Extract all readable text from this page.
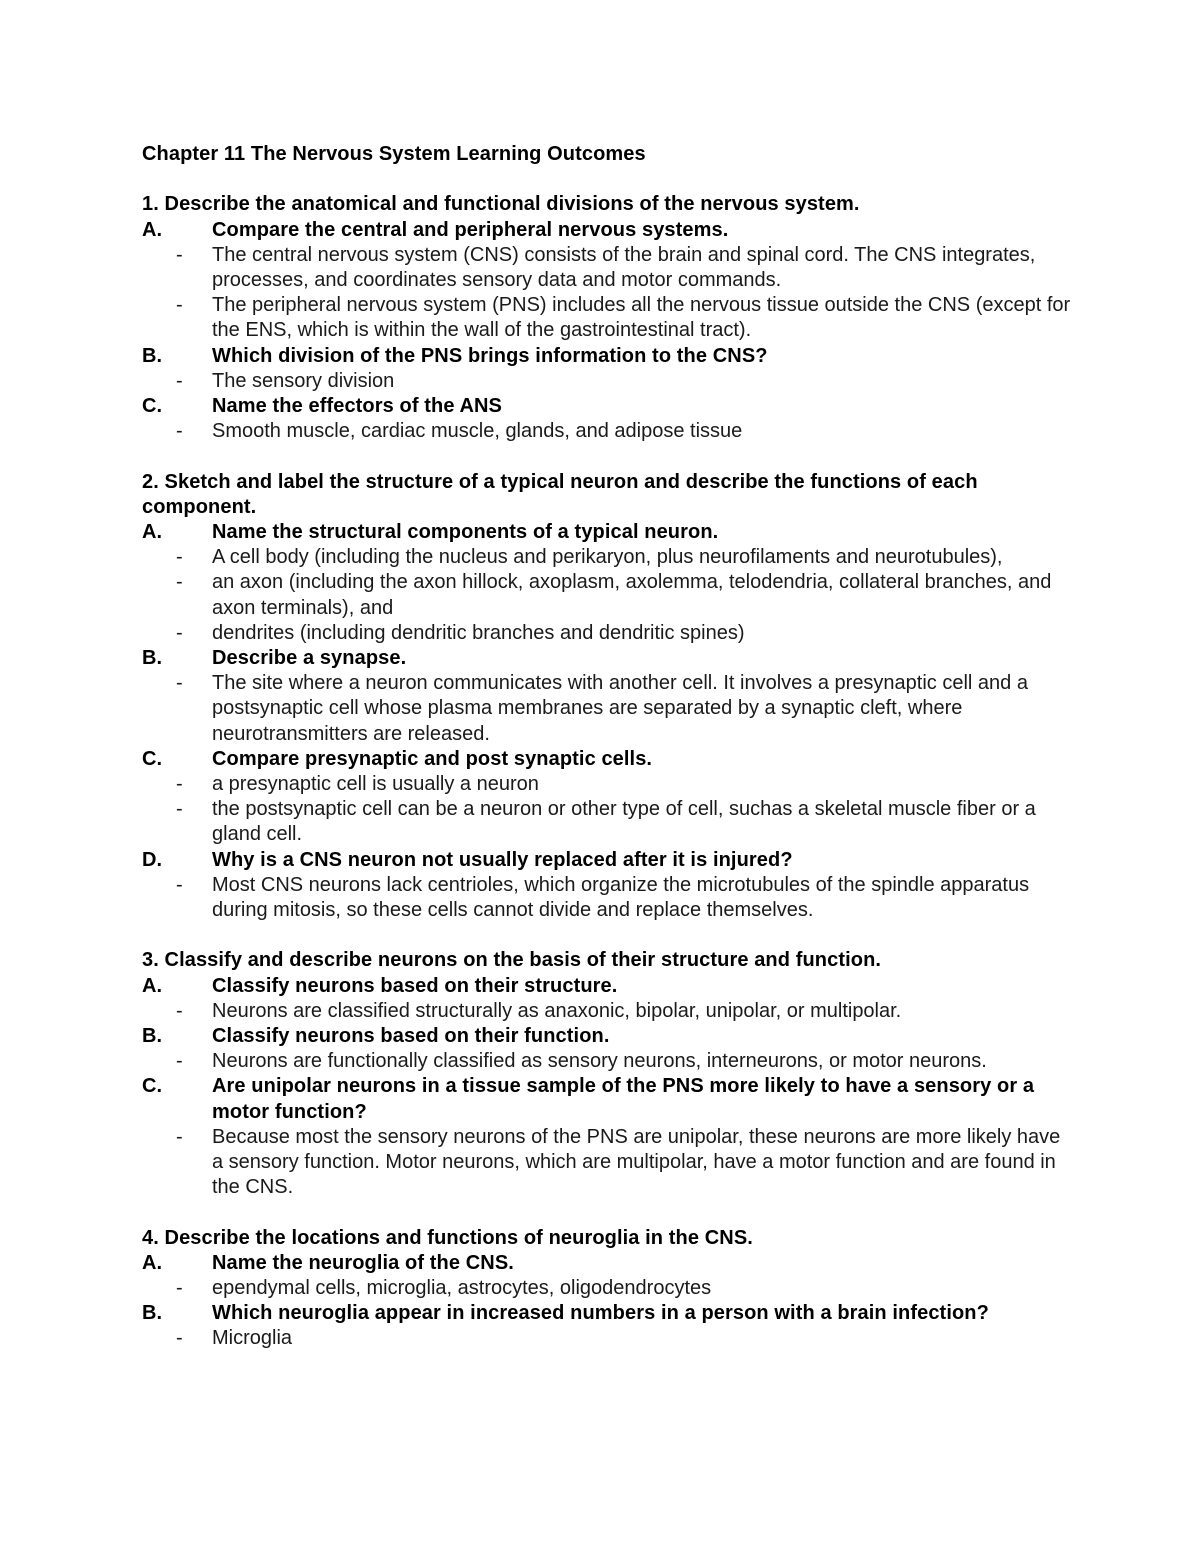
Chapter 11 The Nervous System Learning Outcomes
1. Describe the anatomical and functional divisions of the nervous system.
A.	Compare the central and peripheral nervous systems.
-	The central nervous system (CNS) consists of the brain and spinal cord. The CNS integrates, processes, and coordinates sensory data and motor commands.
-	The peripheral nervous system (PNS) includes all the nervous tissue outside the CNS (except for the ENS, which is within the wall of the gastrointestinal tract).
B.	Which division of the PNS brings information to the CNS?
-	The sensory division
C.	Name the effectors of the ANS
-	Smooth muscle, cardiac muscle, glands, and adipose tissue
2. Sketch and label the structure of a typical neuron and describe the functions of each component.
A.	Name the structural components of a typical neuron.
-	A cell body (including the nucleus and perikaryon, plus neurofilaments and neurotubules),
-	an axon (including the axon hillock, axoplasm, axolemma, telodendria, collateral branches, and axon terminals), and
-	dendrites (including dendritic branches and dendritic spines)
B.	Describe a synapse.
-	The site where a neuron communicates with another cell. It involves a presynaptic cell and a postsynaptic cell whose plasma membranes are separated by a synaptic cleft, where neurotransmitters are released.
C.	Compare presynaptic and post synaptic cells.
-	a presynaptic cell is usually a neuron
-	the postsynaptic cell can be a neuron or other type of cell, suchas a skeletal muscle fiber or a gland cell.
D.	Why is a CNS neuron not usually replaced after it is injured?
-	Most CNS neurons lack centrioles, which organize the microtubules of the spindle apparatus during mitosis, so these cells cannot divide and replace themselves.
3. Classify and describe neurons on the basis of their structure and function.
A.	Classify neurons based on their structure.
-	Neurons are classified structurally as anaxonic, bipolar, unipolar, or multipolar.
B.	Classify neurons based on their function.
-	Neurons are functionally classified as sensory neurons, interneurons, or motor neurons.
C.	Are unipolar neurons in a tissue sample of the PNS more likely to have a sensory or a motor function?
-	Because most the sensory neurons of the PNS are unipolar, these neurons are more likely have a sensory function. Motor neurons, which are multipolar, have a motor function and are found in the CNS.
4. Describe the locations and functions of neuroglia in the CNS.
A.	Name the neuroglia of the CNS.
-	ependymal cells, microglia, astrocytes, oligodendrocytes
B.	Which neuroglia appear in increased numbers in a person with a brain infection?
-	Microglia
